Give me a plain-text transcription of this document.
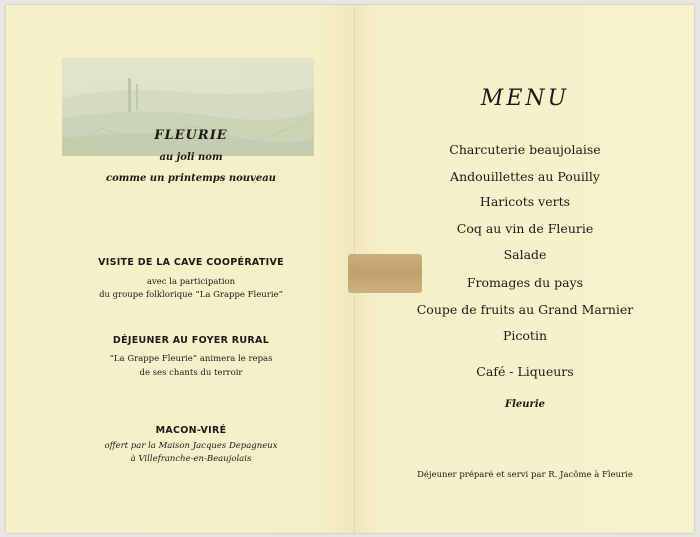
FLEURIE
au joli nom
comme un printemps nouveau
VISITE DE LA CAVE COOPÉRATIVE
avec la participation
du groupe folklorique “La Grappe Fleurie”
DÉJEUNER AU FOYER RURAL
“La Grappe Fleurie” animera le repas
de ses chants du terroir
MACON-VIRÉ
offert par la Maison Jacques Depagneux
à Villefranche-en-Beaujolais
MENU
Charcuterie beaujolaise
Andouillettes au Pouilly
Haricots verts
Coq au vin de Fleurie
Salade
Fromages du pays
Coupe de fruits au Grand Marnier
Picotin
Café - Liqueurs
Fleurie
Déjeuner préparé et servi par R. Jacôme à Fleurie
